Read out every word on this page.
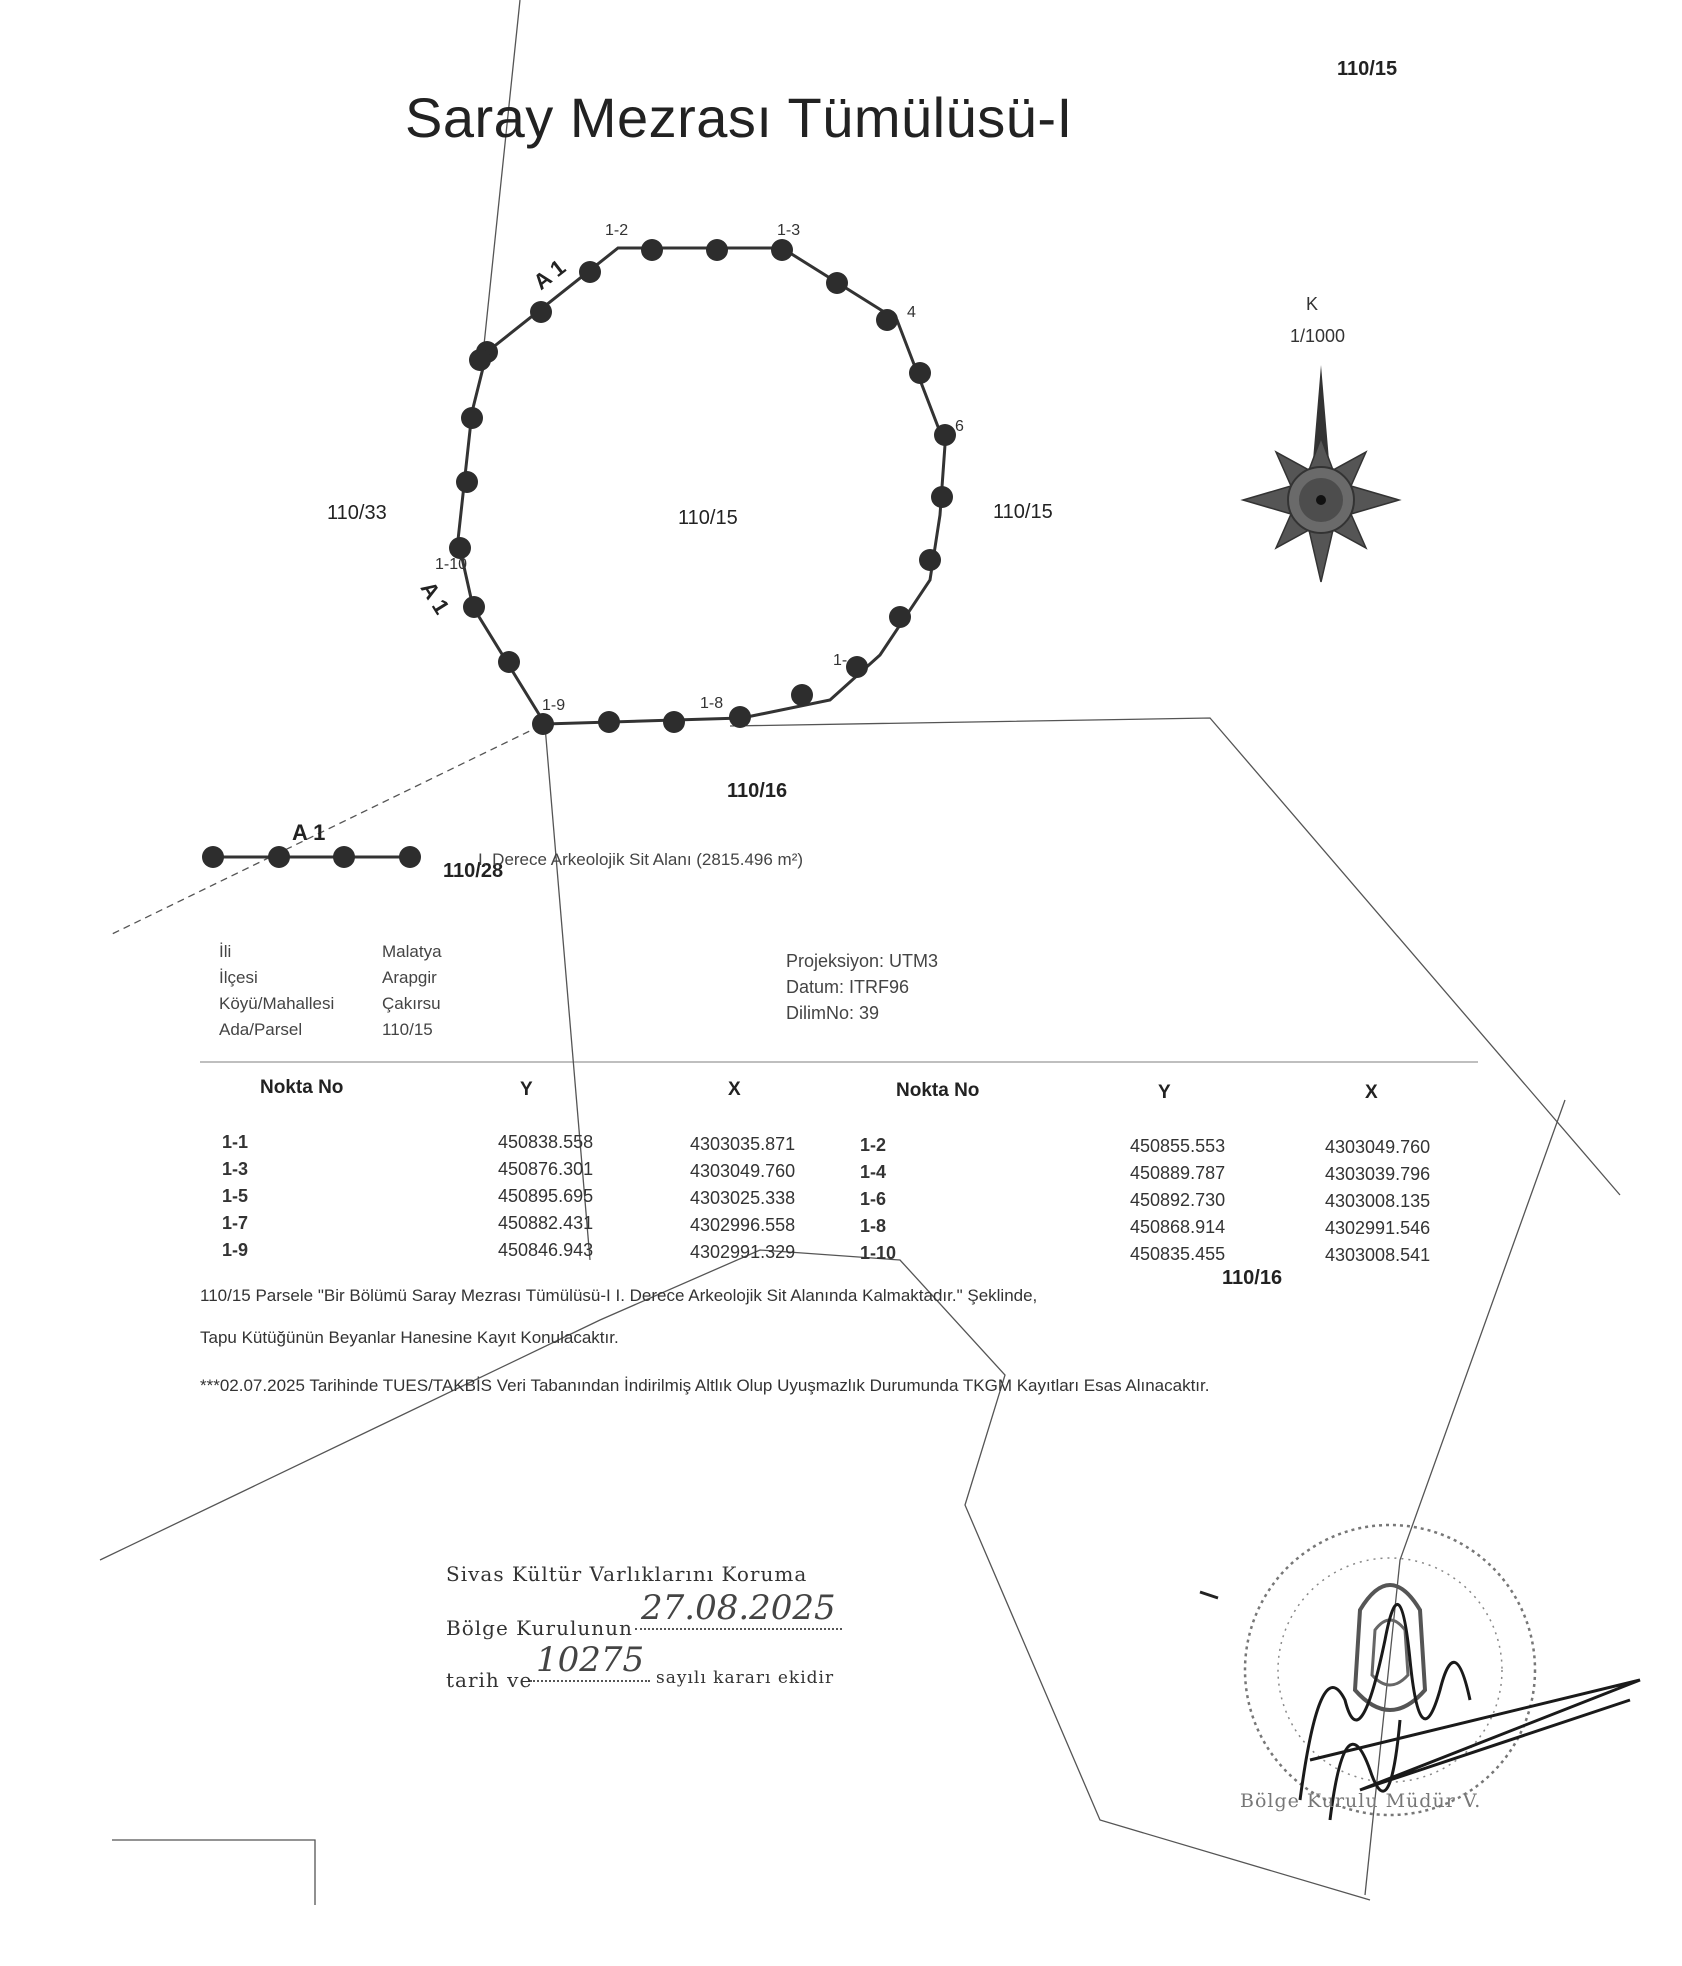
Saray Mezrası Tümülüsü-I
110/15
K
1/1000
110/33	110/15	110/15
110/16
110/28
110/16
1-2	1-3
4
6
1-
1-10
1-9	1-8
A 1
A 1
A 1
I. Derece Arkeolojik Sit Alanı (2815.496 m²)
İli	Malatya
İlçesi	Arapgir
Köyü/Mahallesi	Çakırsu
Ada/Parsel	110/15
Projeksiyon: UTM3
Datum: ITRF96
DilimNo: 39
Nokta No	Y	X	Nokta No	Y	X
1-1	450838.558	4303035.871	1-2	450855.553	4303049.760
1-3	450876.301	4303049.760	1-4	450889.787	4303039.796
1-5	450895.695	4303025.338	1-6	450892.730	4303008.135
1-7	450882.431	4302996.558	1-8	450868.914	4302991.546
1-9	450846.943	4302991.329	1-10	450835.455	4303008.541
110/15 Parsele "Bir Bölümü Saray Mezrası Tümülüsü-I I. Derece Arkeolojik Sit Alanında Kalmaktadır." Şeklinde,
Tapu Kütüğünün Beyanlar Hanesine Kayıt Konulacaktır.
***02.07.2025 Tarihinde TUES/TAKBİS Veri Tabanından İndirilmiş Altlık Olup Uyuşmazlık Durumunda TKGM Kayıtları Esas Alınacaktır.
Sivas Kültür Varlıklarını Koruma
Bölge Kurulunun 27.08.2025
tarih ve 10275 sayılı kararı ekidir
Bölge Kurulu Müdür V.
